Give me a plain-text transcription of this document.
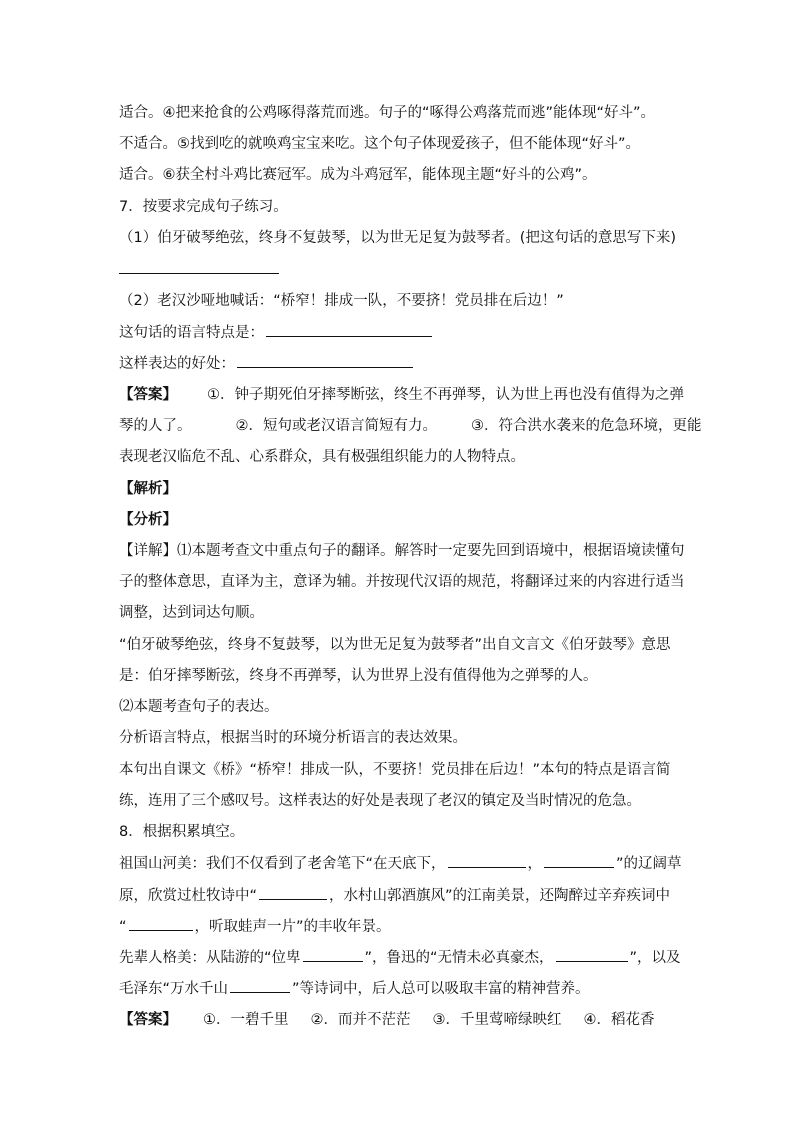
适合。④把来抢食的公鸡啄得落荒而逃。句子的“啄得公鸡落荒而逃”能体现“好斗”。
不适合。⑤找到吃的就唤鸡宝宝来吃。这个句子体现爱孩子，但不能体现“好斗”。
适合。⑥获全村斗鸡比赛冠军。成为斗鸡冠军，能体现主题“好斗的公鸡”。
7．按要求完成句子练习。
（1）伯牙破琴绝弦，终身不复鼓琴，以为世无足复为鼓琴者。(把这句话的意思写下来)
（2）老汉沙哑地喊话：“桥窄！排成一队，不要挤！党员排在后边！”
这句话的语言特点是：
这样表达的好处：
【答案】 ①．钟子期死伯牙摔琴断弦，终生不再弹琴，认为世上再也没有值得为之弹
琴的人了。	②．短句或老汉语言简短有力。 ③．符合洪水袭来的危急环境，更能
表现老汉临危不乱、心系群众，具有极强组织能力的人物特点。
【解析】
【分析】
【详解】⑴本题考查文中重点句子的翻译。解答时一定要先回到语境中，根据语境读懂句
子的整体意思，直译为主，意译为辅。并按现代汉语的规范，将翻译过来的内容进行适当
调整，达到词达句顺。
“伯牙破琴绝弦，终身不复鼓琴，以为世无足复为鼓琴者”出自文言文《伯牙鼓琴》意思
是：伯牙摔琴断弦，终身不再弹琴，认为世界上没有值得他为之弹琴的人。
⑵本题考查句子的表达。
分析语言特点，根据当时的环境分析语言的表达效果。
本句出自课文《桥》“桥窄！排成一队，不要挤！党员排在后边！”本句的特点是语言简
练，连用了三个感叹号。这样表达的好处是表现了老汉的镇定及当时情况的危急。
8．根据积累填空。
祖国山河美：我们不仅看到了老舍笔下“在天底下，	，	”的辽阔草
原，欣赏过杜牧诗中“	，水村山郭酒旗风”的江南美景，还陶醉过辛弃疾词中
“	，听取蛙声一片”的丰收年景。
先辈人格美：从陆游的“位卑	”，鲁迅的“无情未必真豪杰，	”，以及
毛泽东“万水千山	”等诗词中，后人总可以吸取丰富的精神营养。
【答案】 ①．一碧千里 ②．而并不茫茫 ③．千里莺啼绿映红 ④．稻花香
